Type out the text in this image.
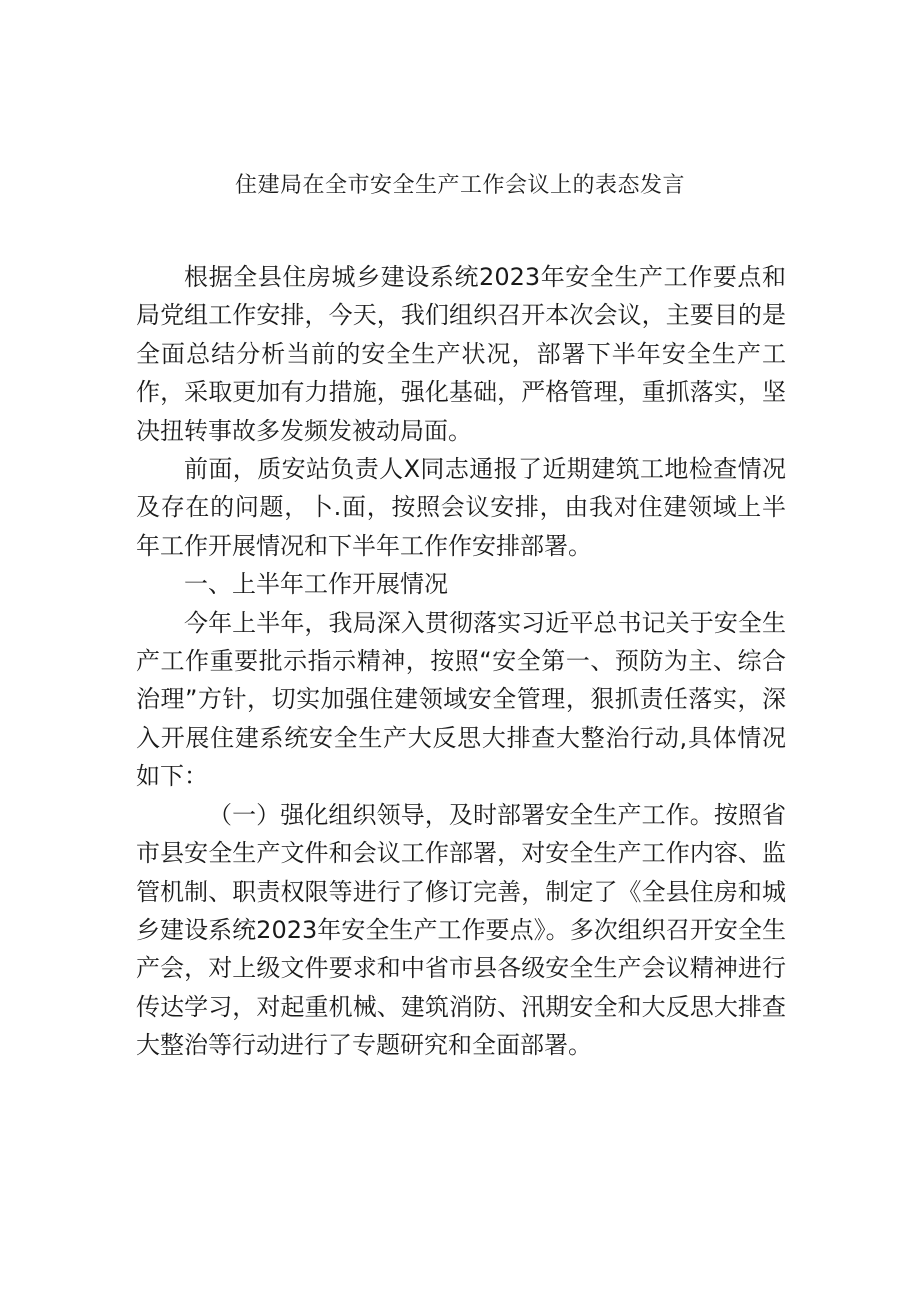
住建局在全市安全生产工作会议上的表态发言

根据全县住房城乡建设系统2023年安全生产工作要点和局党组工作安排，今天，我们组织召开本次会议，主要目的是全面总结分析当前的安全生产状况，部署下半年安全生产工作，采取更加有力措施，强化基础，严格管理，重抓落实，坚决扭转事故多发频发被动局面。

前面，质安站负责人X同志通报了近期建筑工地检查情况及存在的问题，卜.面，按照会议安排，由我对住建领域上半年工作开展情况和下半年工作作安排部署。

一、上半年工作开展情况

今年上半年，我局深入贯彻落实习近平总书记关于安全生产工作重要批示指示精神，按照“安全第一、预防为主、综合治理”方针，切实加强住建领域安全管理，狠抓责任落实，深入开展住建系统安全生产大反思大排查大整治行动,具体情况如下：

（一）强化组织领导，及时部署安全生产工作。按照省市县安全生产文件和会议工作部署，对安全生产工作内容、监管机制、职责权限等进行了修订完善，制定了《全县住房和城乡建设系统2023年安全生产工作要点》。多次组织召开安全生产会，对上级文件要求和中省市县各级安全生产会议精神进行传达学习，对起重机械、建筑消防、汛期安全和大反思大排查大整治等行动进行了专题研究和全面部署。
